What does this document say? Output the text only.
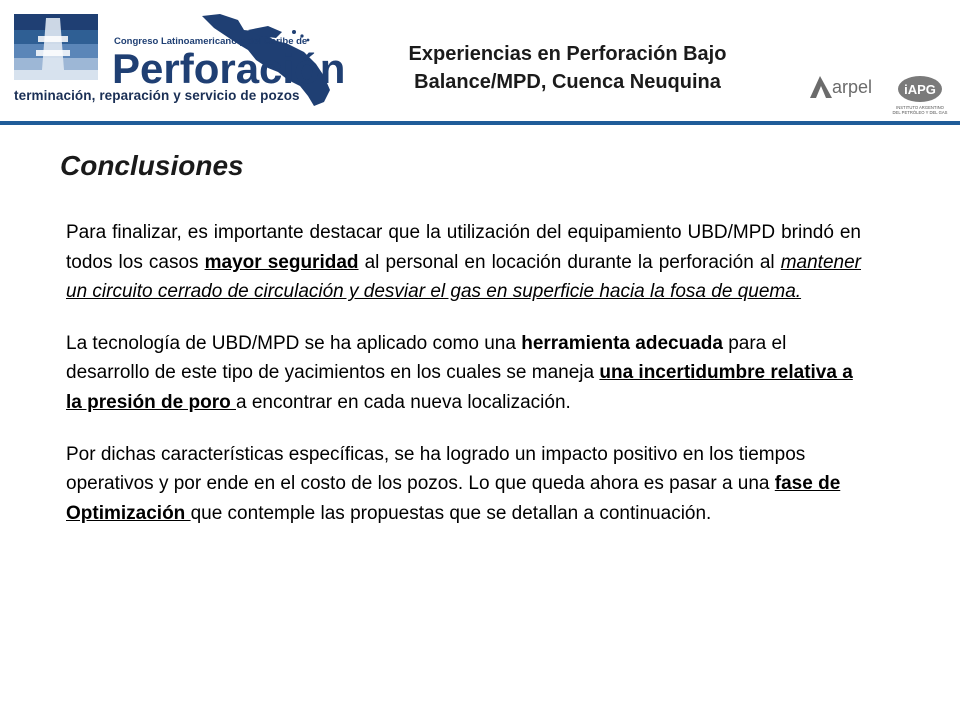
Congreso Latinoamericano y del Caribe de
Perforación
terminación, reparación y servicio de pozos
Experiencias en Perforación Bajo
Balance/MPD, Cuenca Neuquina	arpel iAPG
INSTITUTO ARGENTINO
DEL PETRÓLEO Y DEL GAS
Conclusiones

Para finalizar, es importante destacar que la utilización del equipamiento UBD/MPD brindó en todos los casos mayor seguridad al personal en locación durante la perforación al mantener un circuito cerrado de circulación y desviar el gas en superficie hacia la fosa de quema.

La tecnología de UBD/MPD se ha aplicado como una herramienta adecuada para el desarrollo de este tipo de yacimientos en los cuales se maneja una incertidumbre relativa a la presión de poro a encontrar en cada nueva localización.

Por dichas características específicas, se ha logrado un impacto positivo en los tiempos operativos y por ende en el costo de los pozos. Lo que queda ahora es pasar a una fase de Optimización que contemple las propuestas que se detallan a continuación.
